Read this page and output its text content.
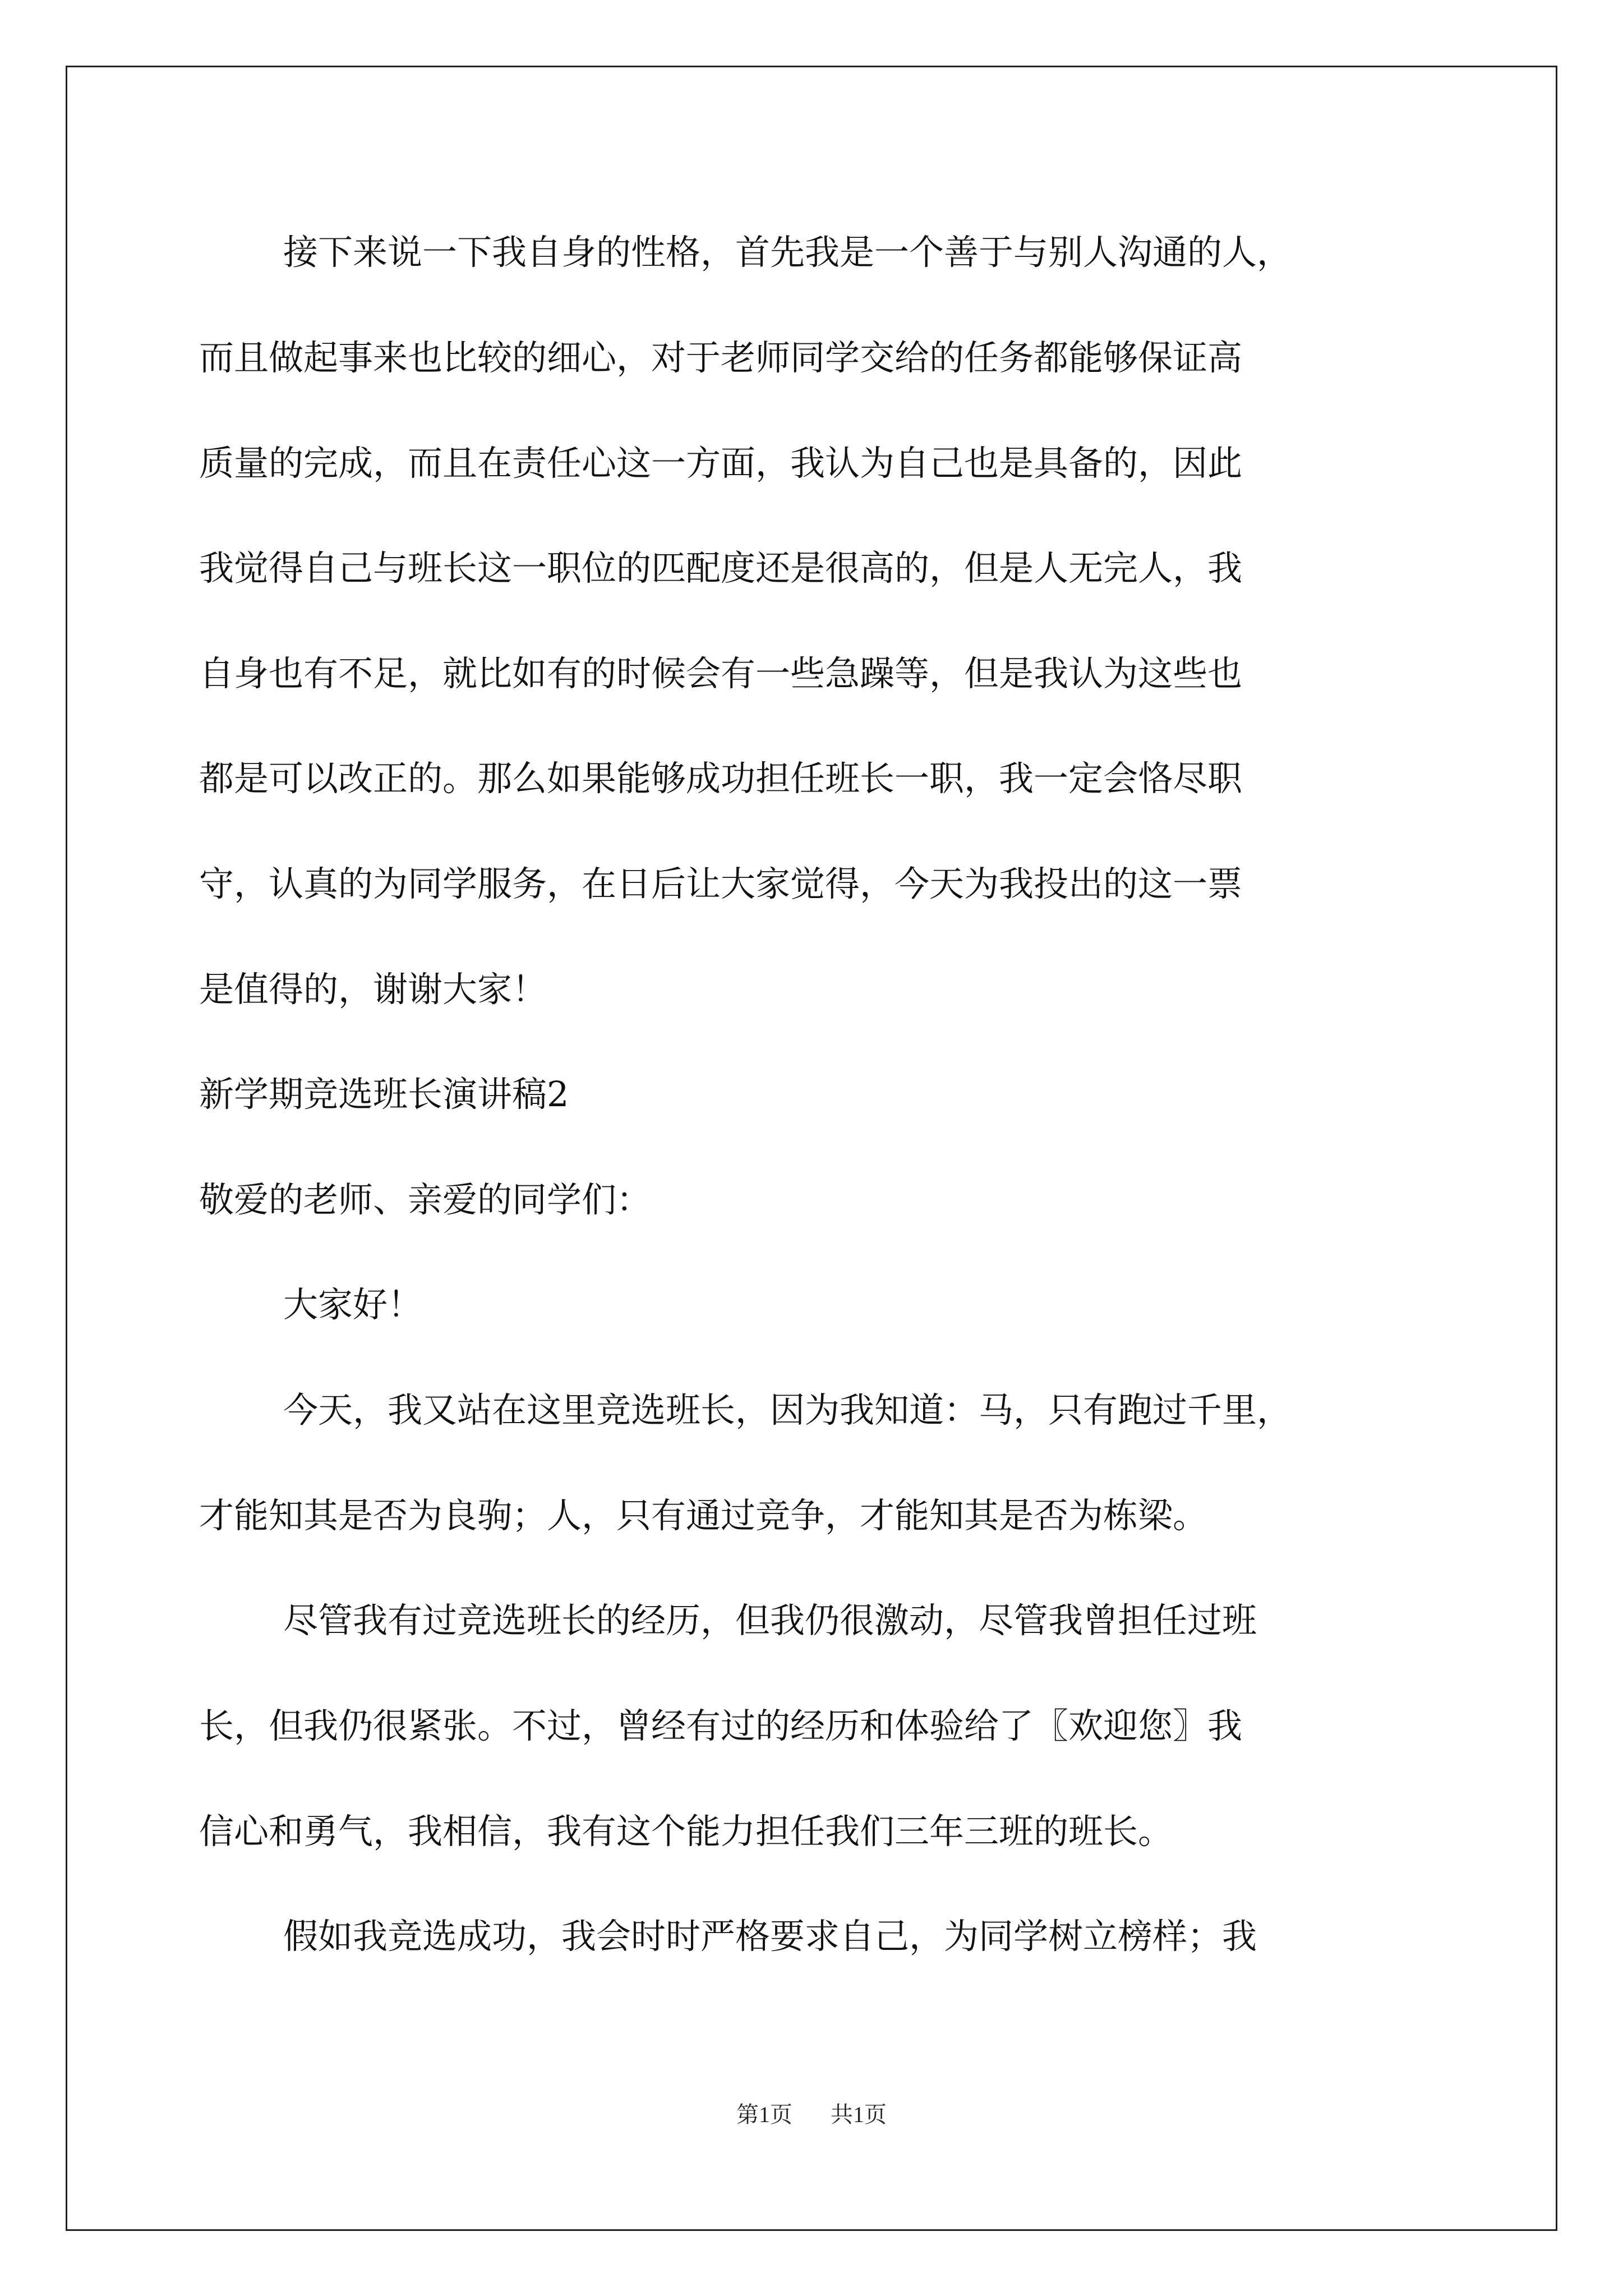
接下来说一下我自身的性格，首先我是一个善于与别人沟通的人，
而且做起事来也比较的细心，对于老师同学交给的任务都能够保证高
质量的完成，而且在责任心这一方面，我认为自己也是具备的，因此
我觉得自己与班长这一职位的匹配度还是很高的，但是人无完人，我
自身也有不足，就比如有的时候会有一些急躁等，但是我认为这些也
都是可以改正的。那么如果能够成功担任班长一职，我一定会恪尽职
守，认真的为同学服务，在日后让大家觉得，今天为我投出的这一票
是值得的，谢谢大家！
新学期竞选班长演讲稿2
敬爱的老师、亲爱的同学们：
大家好！
今天，我又站在这里竞选班长，因为我知道：马，只有跑过千里，
才能知其是否为良驹；人，只有通过竞争，才能知其是否为栋梁。
尽管我有过竞选班长的经历，但我仍很激动，尽管我曾担任过班
长，但我仍很紧张。不过，曾经有过的经历和体验给了〖欢迎您〗我
信心和勇气，我相信，我有这个能力担任我们三年三班的班长。
假如我竞选成功，我会时时严格要求自己，为同学树立榜样；我
第1页 共1页
